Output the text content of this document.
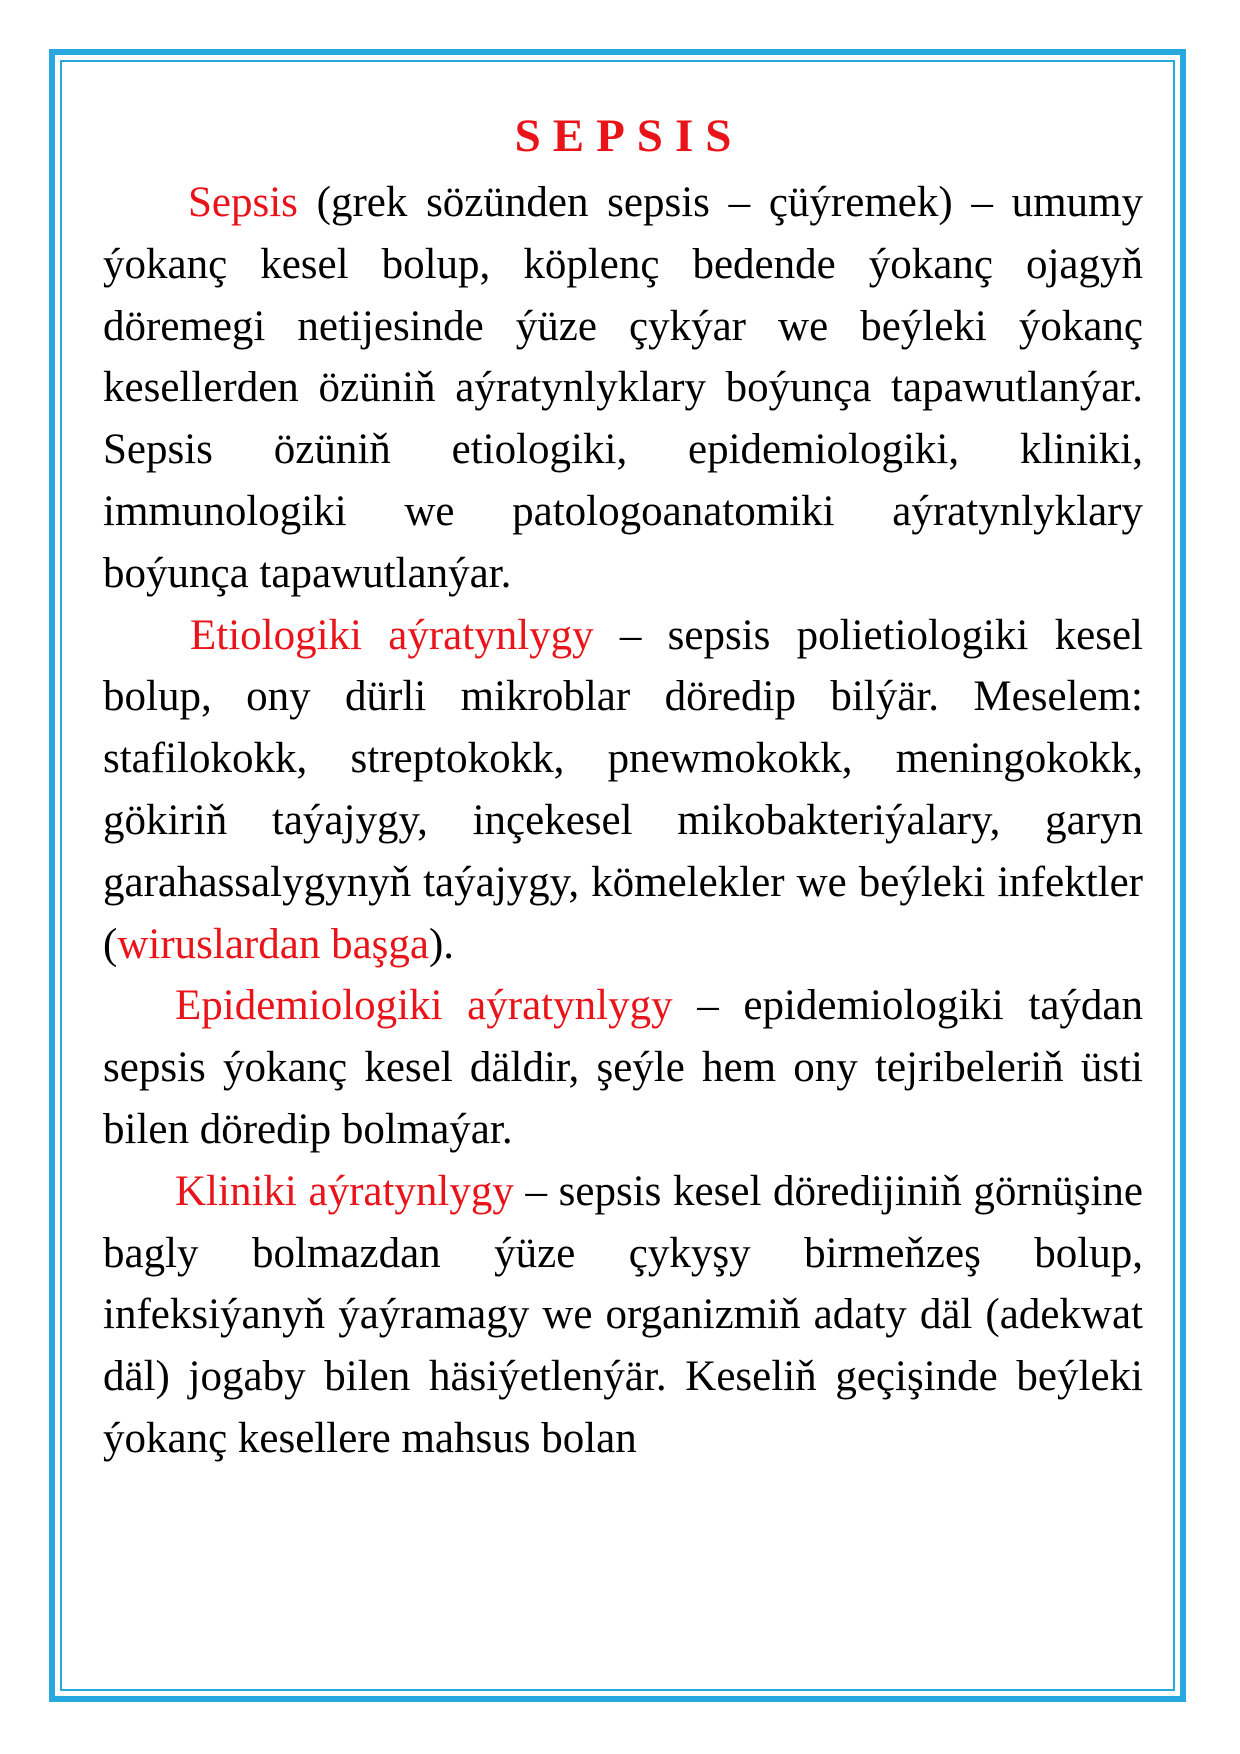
SEPSIS

Sepsis (grek sözünden sepsis – çüýremek) – umumy ýokanç kesel bolup, köplenç bedende ýokanç ojagyň döremegi netijesinde ýüze çykýar we beýleki ýokanç kesellerden özüniň aýratynlyklary boýunça tapawutlanýar. Sepsis özüniň etiologiki, epidemiologiki, kliniki, immunologiki we patologoanatomiki aýratynlyklary boýunça tapawutlanýar.

Etiologiki aýratynlygy – sepsis polietiologiki kesel bolup, ony dürli mikroblar döredip bilýär. Meselem: stafilokokk, streptokokk, pnewmokokk, meningokokk, gökiriň taýajygy, inçekesel mikobakteriýalary, garyn garahassalygynyň taýajygy, kömelekler we beýleki infektler (wiruslardan başga).

Epidemiologiki aýratynlygy – epidemiologiki taýdan sepsis ýokanç kesel däldir, şeýle hem ony tejribeleriň üsti bilen döredip bolmaýar.

Kliniki aýratynlygy – sepsis kesel döredijiniň görnüşine bagly bolmazdan ýüze çykyşy birmeňzeş bolup, infeksiýanyň ýaýramagy we organizmiň adaty däl (adekwat däl) jogaby bilen häsiýetlenýär. Keseliň geçişinde beýleki ýokanç kesellere mahsus bolan
